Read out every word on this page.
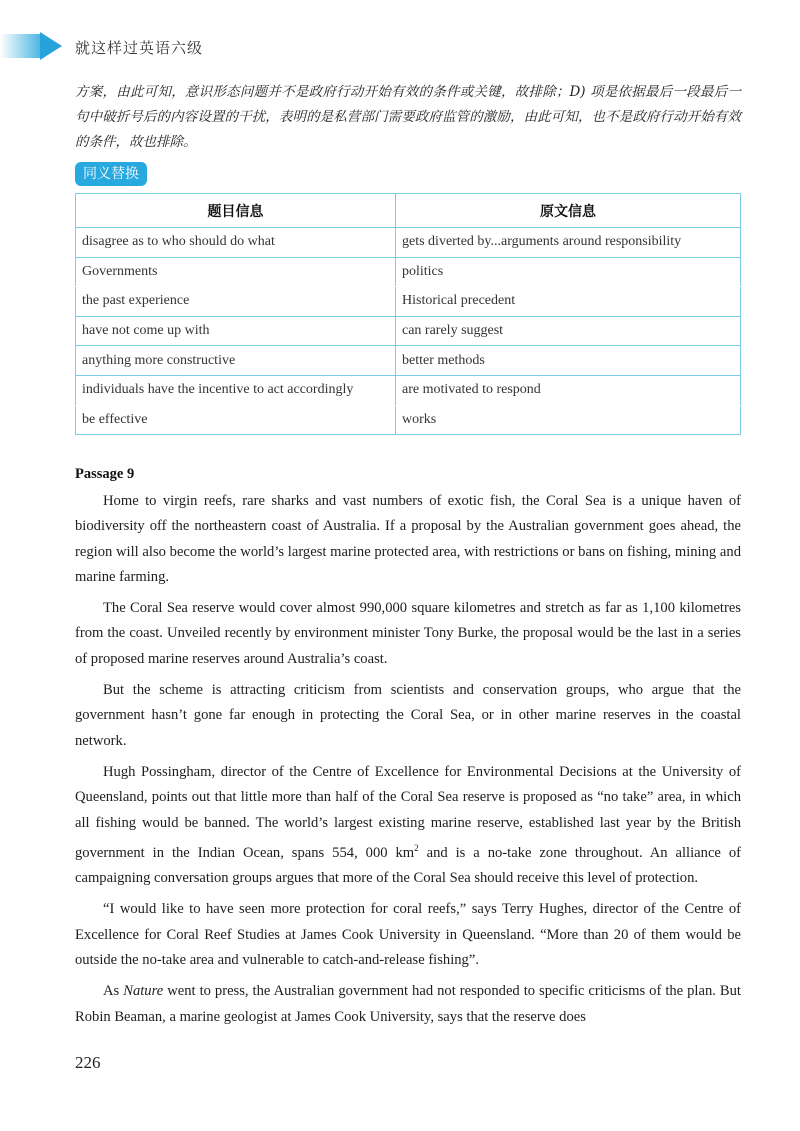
就这样过英语六级

方案，由此可知，意识形态问题并不是政府行动开始有效的条件或关键，故排除；D) 项是依据最后一段最后一句中破折号后的内容设置的干扰，表明的是私营部门需要政府监管的激励，由此可知，也不是政府行动开始有效的条件，故也排除。

同义替换
题目信息	原文信息
disagree as to who should do what	gets diverted by...arguments around responsibility
Governments	politics
the past experience	Historical precedent
have not come up with	can rarely suggest
anything more constructive	better methods
individuals have the incentive to act accordingly	are motivated to respond
be effective	works
Passage 9

Home to virgin reefs, rare sharks and vast numbers of exotic fish, the Coral Sea is a unique haven of biodiversity off the northeastern coast of Australia. If a proposal by the Australian government goes ahead, the region will also become the world’s largest marine protected area, with restrictions or bans on fishing, mining and marine farming.

The Coral Sea reserve would cover almost 990,000 square kilometres and stretch as far as 1,100 kilometres from the coast. Unveiled recently by environment minister Tony Burke, the proposal would be the last in a series of proposed marine reserves around Australia’s coast.

But the scheme is attracting criticism from scientists and conservation groups, who argue that the government hasn’t gone far enough in protecting the Coral Sea, or in other marine reserves in the coastal network.

Hugh Possingham, director of the Centre of Excellence for Environmental Decisions at the University of Queensland, points out that little more than half of the Coral Sea reserve is proposed as “no take” area, in which all fishing would be banned. The world’s largest existing marine reserve, established last year by the British government in the Indian Ocean, spans 554, 000 $km^2$ and is a no-take zone throughout. An alliance of campaigning conversation groups argues that more of the Coral Sea should receive this level of protection.

“I would like to have seen more protection for coral reefs,” says Terry Hughes, director of the Centre of Excellence for Coral Reef Studies at James Cook University in Queensland. “More than 20 of them would be outside the no-take area and vulnerable to catch-and-release fishing”.

As Nature went to press, the Australian government had not responded to specific criticisms of the plan. But Robin Beaman, a marine geologist at James Cook University, says that the reserve does

226
